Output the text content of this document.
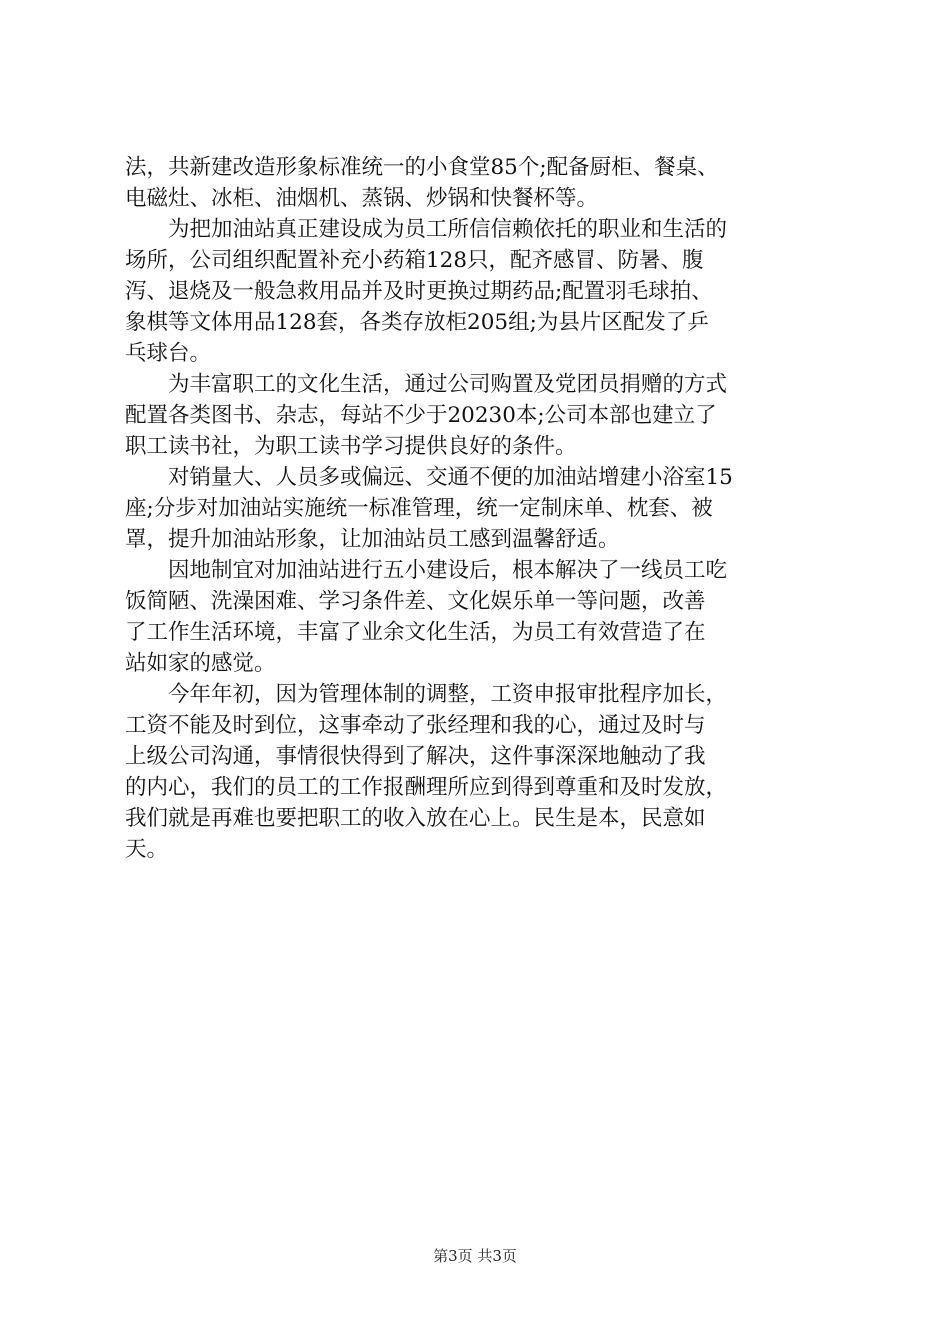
法，共新建改造形象标准统一的小食堂85个;配备厨柜、餐桌、
电磁灶、冰柜、油烟机、蒸锅、炒锅和快餐杯等。
　　为把加油站真正建设成为员工所信信赖依托的职业和生活的
场所，公司组织配置补充小药箱128只，配齐感冒、防暑、腹
泻、退烧及一般急救用品并及时更换过期药品;配置羽毛球拍、
象棋等文体用品128套，各类存放柜205组;为县片区配发了乒
乓球台。
　　为丰富职工的文化生活，通过公司购置及党团员捐赠的方式
配置各类图书、杂志，每站不少于20230本;公司本部也建立了
职工读书社，为职工读书学习提供良好的条件。
　　对销量大、人员多或偏远、交通不便的加油站增建小浴室15
座;分步对加油站实施统一标准管理，统一定制床单、枕套、被
罩，提升加油站形象，让加油站员工感到温馨舒适。
　　因地制宜对加油站进行五小建设后，根本解决了一线员工吃
饭简陋、洗澡困难、学习条件差、文化娱乐单一等问题，改善
了工作生活环境，丰富了业余文化生活，为员工有效营造了在
站如家的感觉。
　　今年年初，因为管理体制的调整，工资申报审批程序加长，
工资不能及时到位，这事牵动了张经理和我的心，通过及时与
上级公司沟通，事情很快得到了解决，这件事深深地触动了我
的内心，我们的员工的工作报酬理所应到得到尊重和及时发放，
我们就是再难也要把职工的收入放在心上。民生是本，民意如
天。
第3页 共3页
